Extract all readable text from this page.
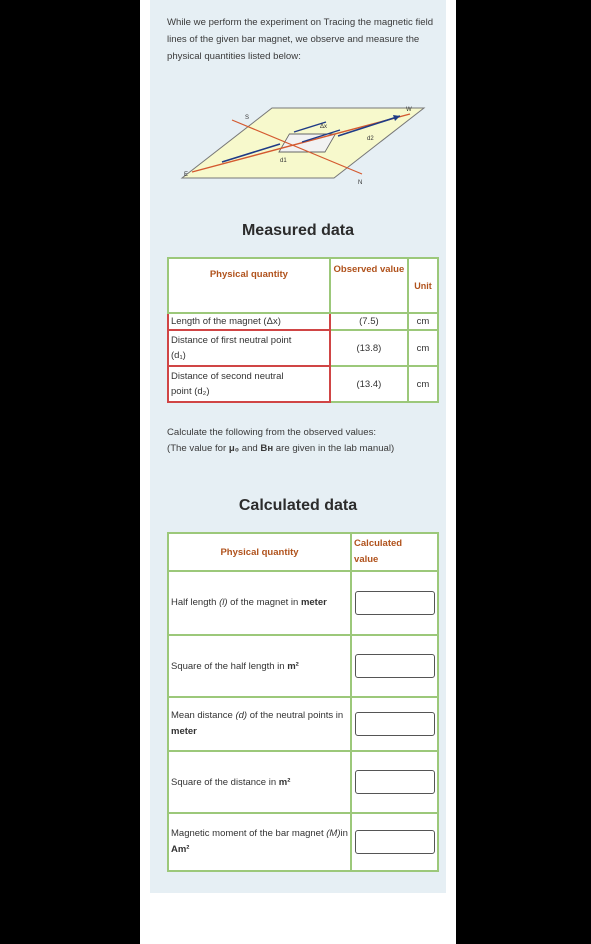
While we perform the experiment on Tracing the magnetic field lines of the given bar magnet, we observe and measure the physical quantities listed below:
Δx
d2
d1
S
W
E
N
Measured data
Physical quantity	Observed value	Unit
Length of the magnet (Δx)	(7.5)	cm
Distance of first neutral point
(d₁)	(13.8)	cm
Distance of second neutral
point (d₂)	(13.4)	cm
Calculate the following from the observed values:
(The value for μ₀ and Bʜ are given in the lab manual)
Calculated data
Physical quantity	Calculated
value
Half length (l) of the magnet in meter	

Square of the half length in m²	

Mean distance (d) of the neutral points in meter	

Square of the distance in m²	

Magnetic moment of the bar magnet (M)in Am²	
